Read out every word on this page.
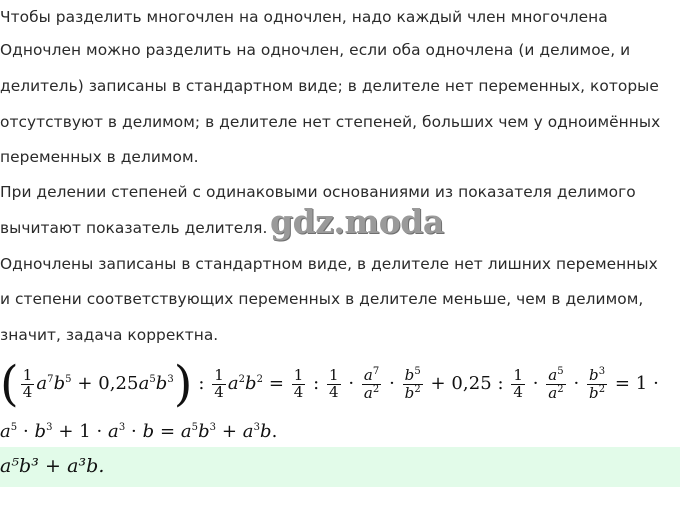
Чтобы разделить многочлен на одночлен, надо каждый член многочлена
Одночлен можно разделить на одночлен, если оба одночлена (и делимое, и
делитель) записаны в стандартном виде; в делителе нет переменных, которые
отсутствуют в делимом; в делителе нет степеней, больших чем у одноимённых
переменных в делимом.
При делении степеней с одинаковыми основаниями из показателя делимого
вычитают показатель делителя. gdz.moda
Одночлены записаны в стандартном виде, в делителе нет лишних переменных
и степени соответствующих переменных в делителе меньше, чем в делимом,
значит, задача корректна.
( $\frac{1}{4} a^7b^5 + 0,25a^5b^3$) : $\frac{1}{4} a^2b^2 = \frac{1}{4}$ : $\frac{1}{4} \cdot \frac{a^7}{a^2} \cdot \frac{b^5}{b^2} + 0,25$ : $\frac{1}{4} \cdot \frac{a^5}{a^2} \cdot \frac{b^3}{b^2} = 1$ ·
$a^5 \cdot b^3 + 1 \cdot a^3 \cdot b = a^5b^3 + a^3b$.
a⁵b³ + a³b.
